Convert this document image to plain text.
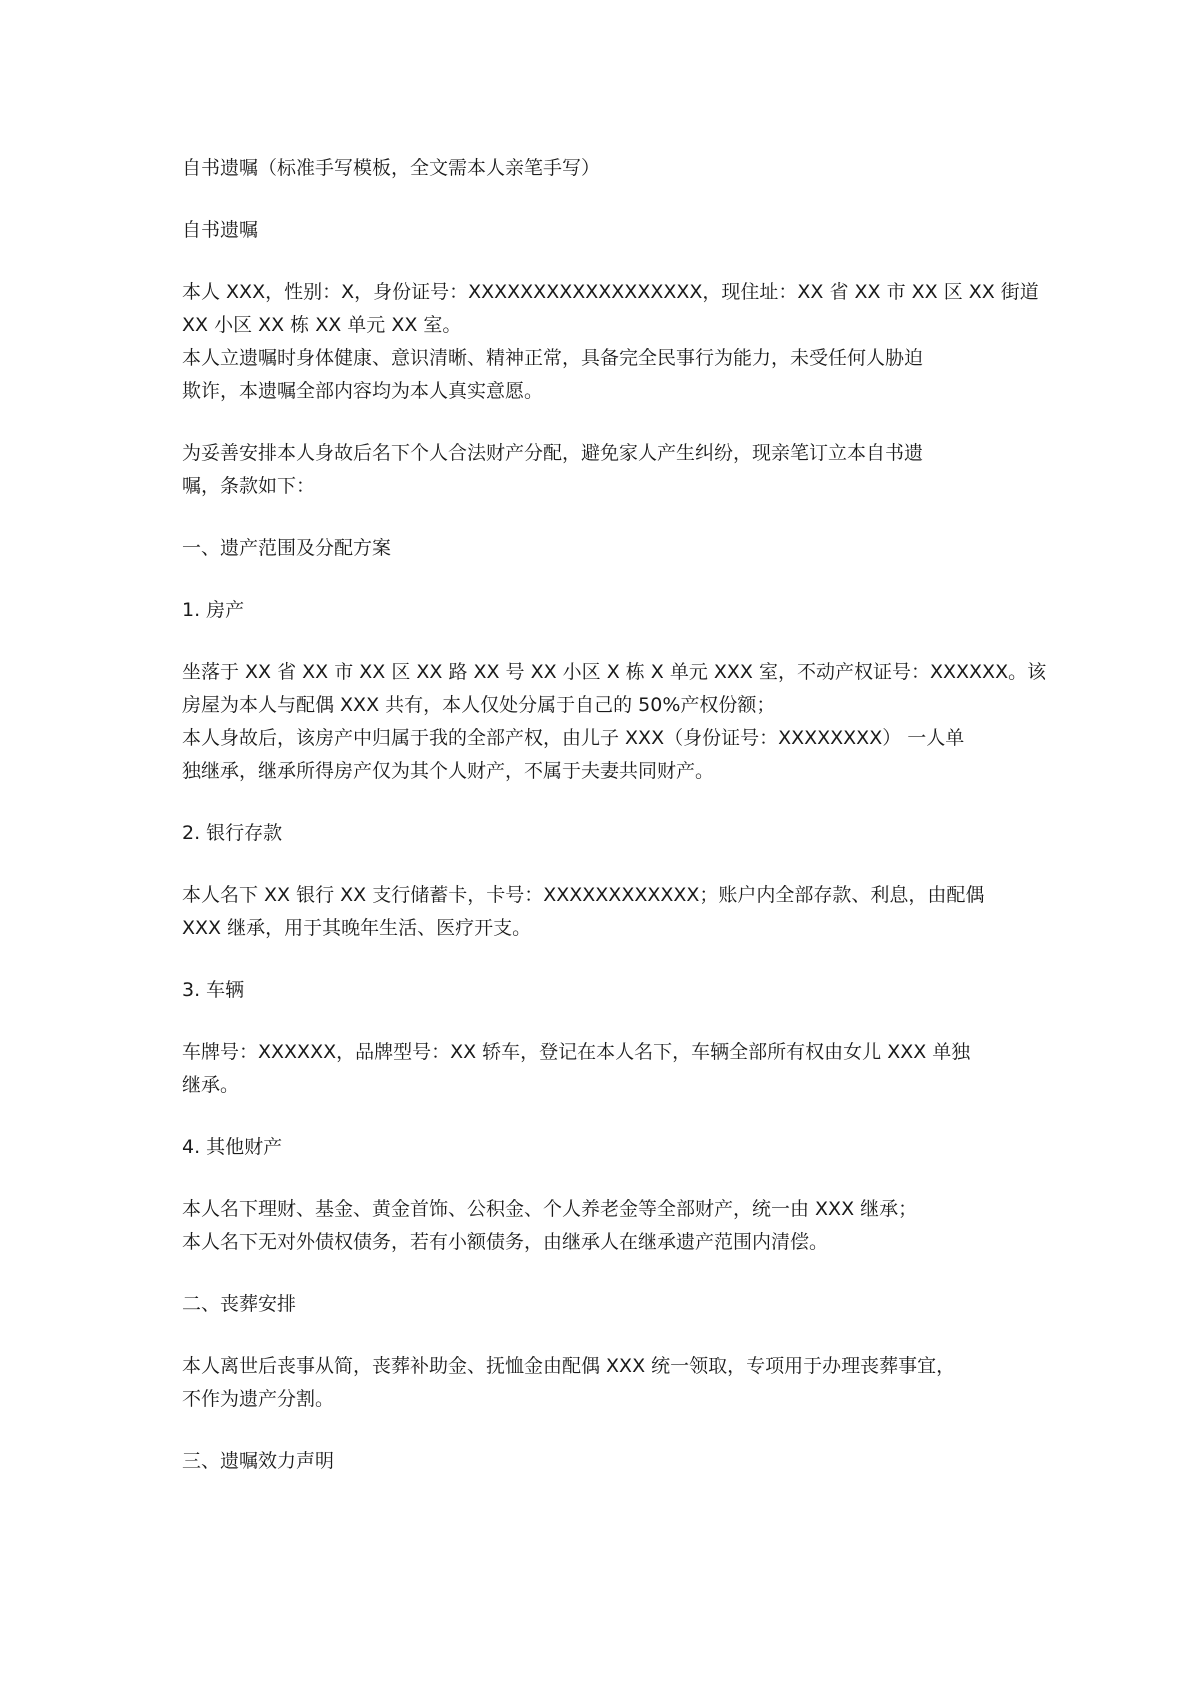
自书遗嘱（标准手写模板，全文需本人亲笔手写）

自书遗嘱

本人 XXX，性别：X，身份证号：XXXXXXXXXXXXXXXXXX，现住址：XX 省 XX 市 XX 区 XX 街道

XX 小区 XX 栋 XX 单元 XX 室。

本人立遗嘱时身体健康、意识清晰、精神正常，具备完全民事行为能力，未受任何人胁迫

欺诈，本遗嘱全部内容均为本人真实意愿。

为妥善安排本人身故后名下个人合法财产分配，避免家人产生纠纷，现亲笔订立本自书遗

嘱，条款如下：

一、遗产范围及分配方案

1. 房产

坐落于 XX 省 XX 市 XX 区 XX 路 XX 号 XX 小区 X 栋 X 单元 XXX 室，不动产权证号：XXXXXX。该

房屋为本人与配偶 XXX 共有，本人仅处分属于自己的 50%产权份额；

本人身故后，该房产中归属于我的全部产权，由儿子 XXX（身份证号：XXXXXXXX） 一人单

独继承，继承所得房产仅为其个人财产，不属于夫妻共同财产。

2. 银行存款

本人名下 XX 银行 XX 支行储蓄卡，卡号：XXXXXXXXXXXX；账户内全部存款、利息，由配偶

XXX 继承，用于其晚年生活、医疗开支。

3. 车辆

车牌号：XXXXXX，品牌型号：XX 轿车，登记在本人名下，车辆全部所有权由女儿 XXX 单独

继承。

4. 其他财产

本人名下理财、基金、黄金首饰、公积金、个人养老金等全部财产，统一由 XXX 继承；

本人名下无对外债权债务，若有小额债务，由继承人在继承遗产范围内清偿。

二、丧葬安排

本人离世后丧事从简，丧葬补助金、抚恤金由配偶 XXX 统一领取，专项用于办理丧葬事宜，

不作为遗产分割。

三、遗嘱效力声明
